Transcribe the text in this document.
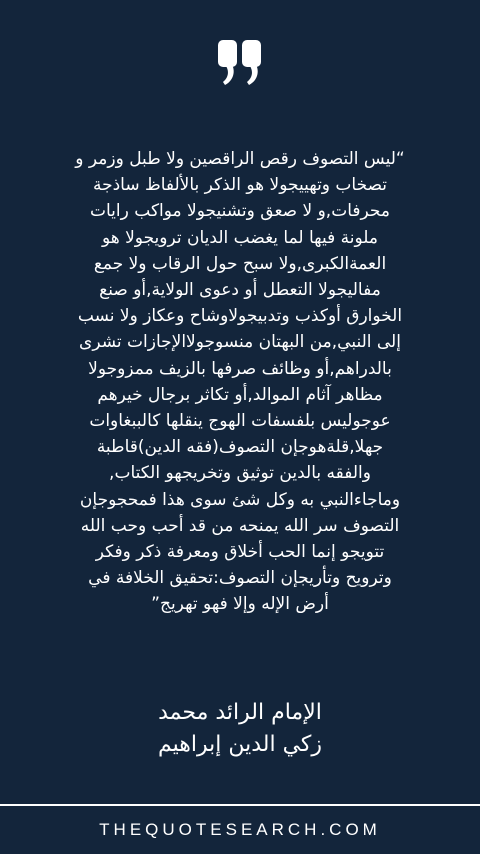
“ليس التصوف رقص الراقصين ولا طبل وزمر و
تصخاب وتهييجولا هو الذكر بالألفاظ ساذجة
محرفات,و لا صعق وتشنيجولا مواكب رايات
ملونة فيها لما يغضب الديان ترويجولا هو
العمةالكبرى,ولا سبح حول الرقاب ولا جمع
مفاليجولا التعطل أو دعوى الولاية,أو صنع
الخوارق أوكذب وتدبيجولاوشاح وعكاز ولا نسب
إلى النبي,من البهتان منسوجولاالإجازات تشرى
بالدراهم,أو وظائف صرفها بالزيف ممزوجولا
مظاهر آثام الموالد,أو تكاثر برجال خيرهم
عوجوليس بلفسفات الهوج ينقلها كالببغاوات
جهلا,قلةهوجإن التصوف(فقه الدين)قاطبة
والفقه بالدين توثيق وتخريجهو الكتاب,
وماجاءالنبي به وكل شئ سوى هذا فمحجوجإن
التصوف سر الله يمنحه من قد أحب وحب الله
تتويجو إنما الحب أخلاق ومعرفة ذكر وفكر
وترويح وتأريجإن التصوف:تحقيق الخلافة في
أرض الإله وإلا فهو تهريج”
الإمام الرائد محمد
زكي الدين إبراهيم
THEQUOTESEARCH.COM
